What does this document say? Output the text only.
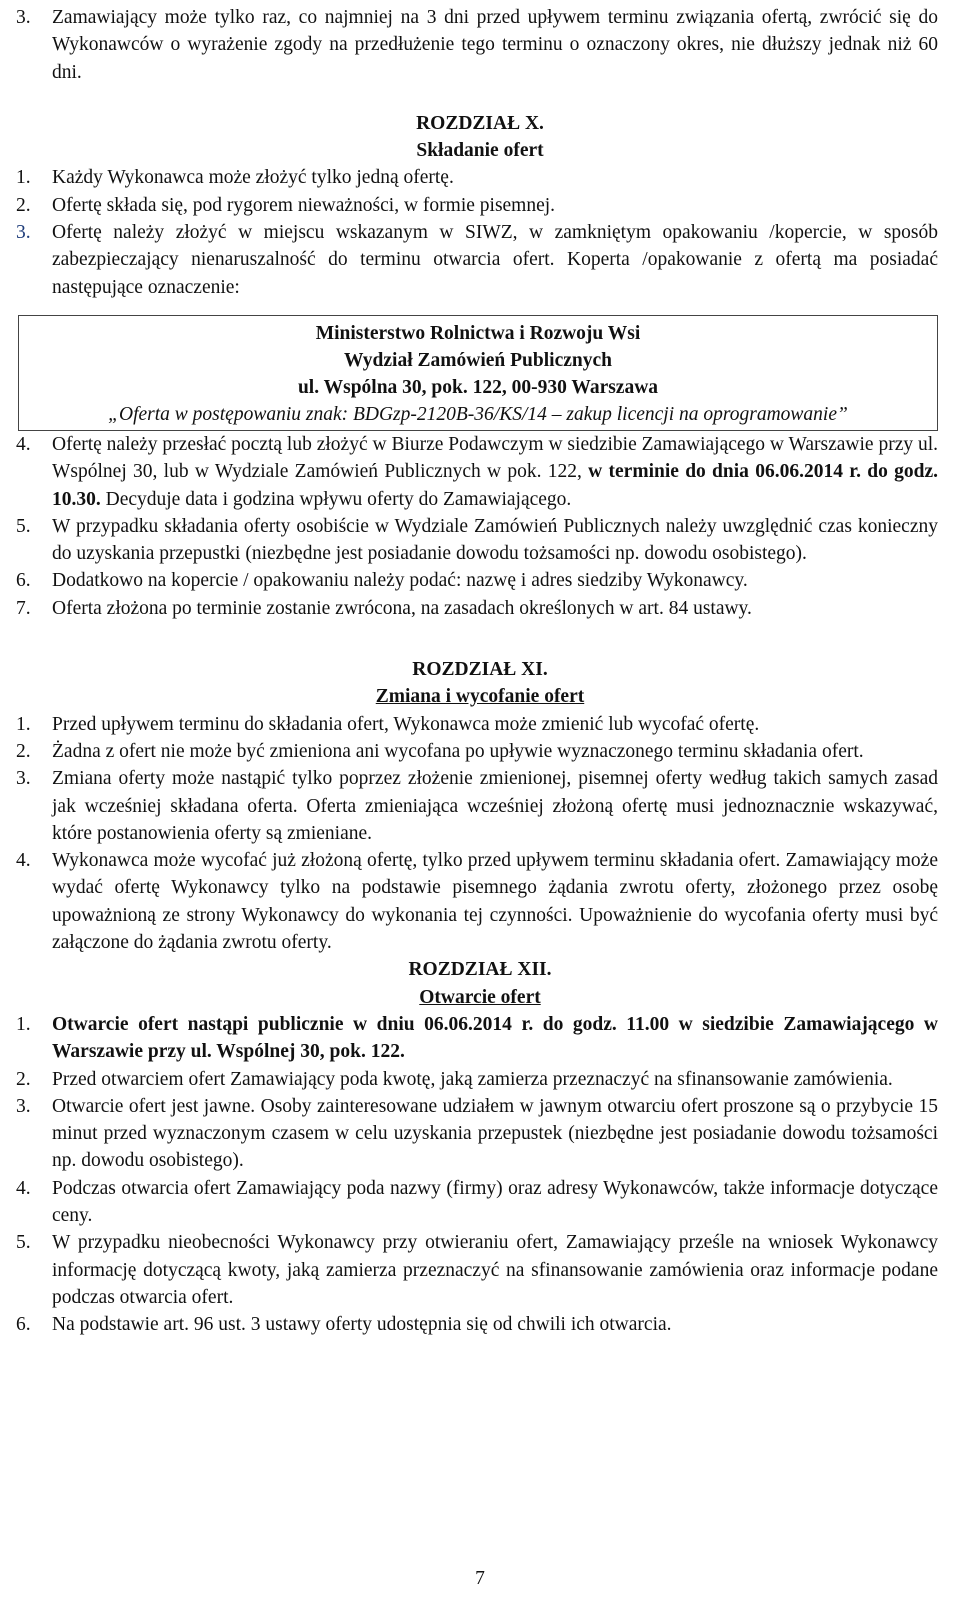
3. Zamawiający może tylko raz, co najmniej na 3 dni przed upływem terminu związania ofertą, zwrócić się do Wykonawców o wyrażenie zgody na przedłużenie tego terminu o oznaczony okres, nie dłuższy jednak niż 60 dni.
ROZDZIAŁ X.
Składanie ofert
1. Każdy Wykonawca może złożyć tylko jedną ofertę.
2. Ofertę składa się, pod rygorem nieważności, w formie pisemnej.
3. Ofertę należy złożyć w miejscu wskazanym w SIWZ, w zamkniętym opakowaniu /kopercie, w sposób zabezpieczający nienaruszalność do terminu otwarcia ofert. Koperta /opakowanie z ofertą ma posiadać następujące oznaczenie:
Ministerstwo Rolnictwa i Rozwoju Wsi
Wydział Zamówień Publicznych
ul. Wspólna 30, pok. 122, 00-930 Warszawa
„Oferta w postępowaniu znak: BDGzp-2120B-36/KS/14 – zakup licencji na oprogramowanie”
4. Ofertę należy przesłać pocztą lub złożyć w Biurze Podawczym w siedzibie Zamawiającego w Warszawie przy ul. Wspólnej 30, lub w Wydziale Zamówień Publicznych w pok. 122, w terminie do dnia 06.06.2014 r. do godz. 10.30. Decyduje data i godzina wpływu oferty do Zamawiającego.
5. W przypadku składania oferty osobiście w Wydziale Zamówień Publicznych należy uwzględnić czas konieczny do uzyskania przepustki (niezbędne jest posiadanie dowodu tożsamości np. dowodu osobistego).
6. Dodatkowo na kopercie / opakowaniu należy podać: nazwę i adres siedziby Wykonawcy.
7. Oferta złożona po terminie zostanie zwrócona, na zasadach określonych w art. 84 ustawy.
ROZDZIAŁ XI.
Zmiana i wycofanie ofert
1. Przed upływem terminu do składania ofert, Wykonawca może zmienić lub wycofać ofertę.
2. Żadna z ofert nie może być zmieniona ani wycofana po upływie wyznaczonego terminu składania ofert.
3. Zmiana oferty może nastąpić tylko poprzez złożenie zmienionej, pisemnej oferty według takich samych zasad jak wcześniej składana oferta. Oferta zmieniająca wcześniej złożoną ofertę musi jednoznacznie wskazywać, które postanowienia oferty są zmieniane.
4. Wykonawca może wycofać już złożoną ofertę, tylko przed upływem terminu składania ofert. Zamawiający może wydać ofertę Wykonawcy tylko na podstawie pisemnego żądania zwrotu oferty, złożonego przez osobę upoważnioną ze strony Wykonawcy do wykonania tej czynności. Upoważnienie do wycofania oferty musi być załączone do żądania zwrotu oferty.
ROZDZIAŁ XII.
Otwarcie ofert
1. Otwarcie ofert nastąpi publicznie w dniu 06.06.2014 r. do godz. 11.00 w siedzibie Zamawiającego w Warszawie przy ul. Wspólnej 30, pok. 122.
2. Przed otwarciem ofert Zamawiający poda kwotę, jaką zamierza przeznaczyć na sfinansowanie zamówienia.
3. Otwarcie ofert jest jawne. Osoby zainteresowane udziałem w jawnym otwarciu ofert proszone są o przybycie 15 minut przed wyznaczonym czasem w celu uzyskania przepustek (niezbędne jest posiadanie dowodu tożsamości np. dowodu osobistego).
4. Podczas otwarcia ofert Zamawiający poda nazwy (firmy) oraz adresy Wykonawców, także informacje dotyczące ceny.
5. W przypadku nieobecności Wykonawcy przy otwieraniu ofert, Zamawiający prześle na wniosek Wykonawcy informację dotyczącą kwoty, jaką zamierza przeznaczyć na sfinansowanie zamówienia oraz informacje podane podczas otwarcia ofert.
6. Na podstawie art. 96 ust. 3 ustawy oferty udostępnia się od chwili ich otwarcia.
7
